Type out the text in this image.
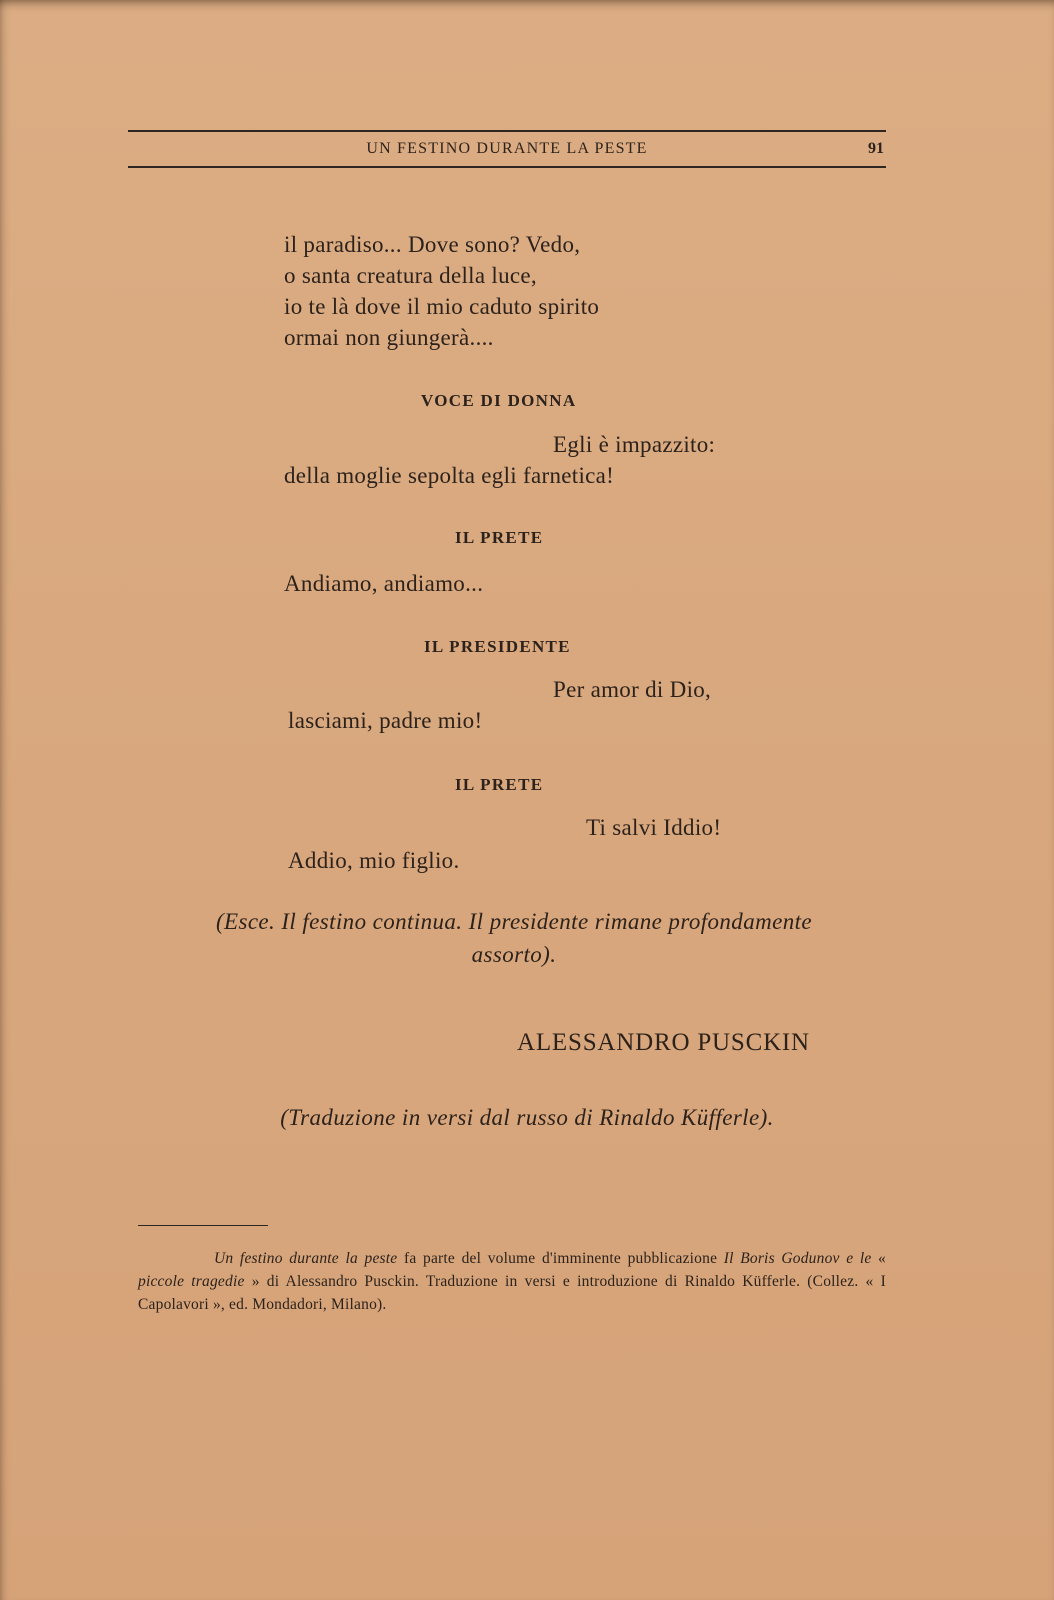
UN FESTINO DURANTE LA PESTE	91
il paradiso... Dove sono? Vedo,
o santa creatura della luce,
io te là dove il mio caduto spirito
ormai non giungerà....
VOCE DI DONNA
Egli è impazzito:
della moglie sepolta egli farnetica!
IL PRETE
Andiamo, andiamo...
IL PRESIDENTE
Per amor di Dio,
lasciami, padre mio!
IL PRETE
Ti salvi Iddio!
Addio, mio figlio.
(Esce. Il festino continua. Il presidente rimane profondamente
assorto).
ALESSANDRO PUSCKIN
(Traduzione in versi dal russo di Rinaldo Küfferle).
Un festino durante la peste fa parte del volume d'imminente pubblicazione Il Boris Godunov e le « piccole tragedie » di Alessandro Pusckin. Traduzione in versi e introduzione di Rinaldo Küfferle. (Collez. « I Capolavori », ed. Mondadori, Milano).
